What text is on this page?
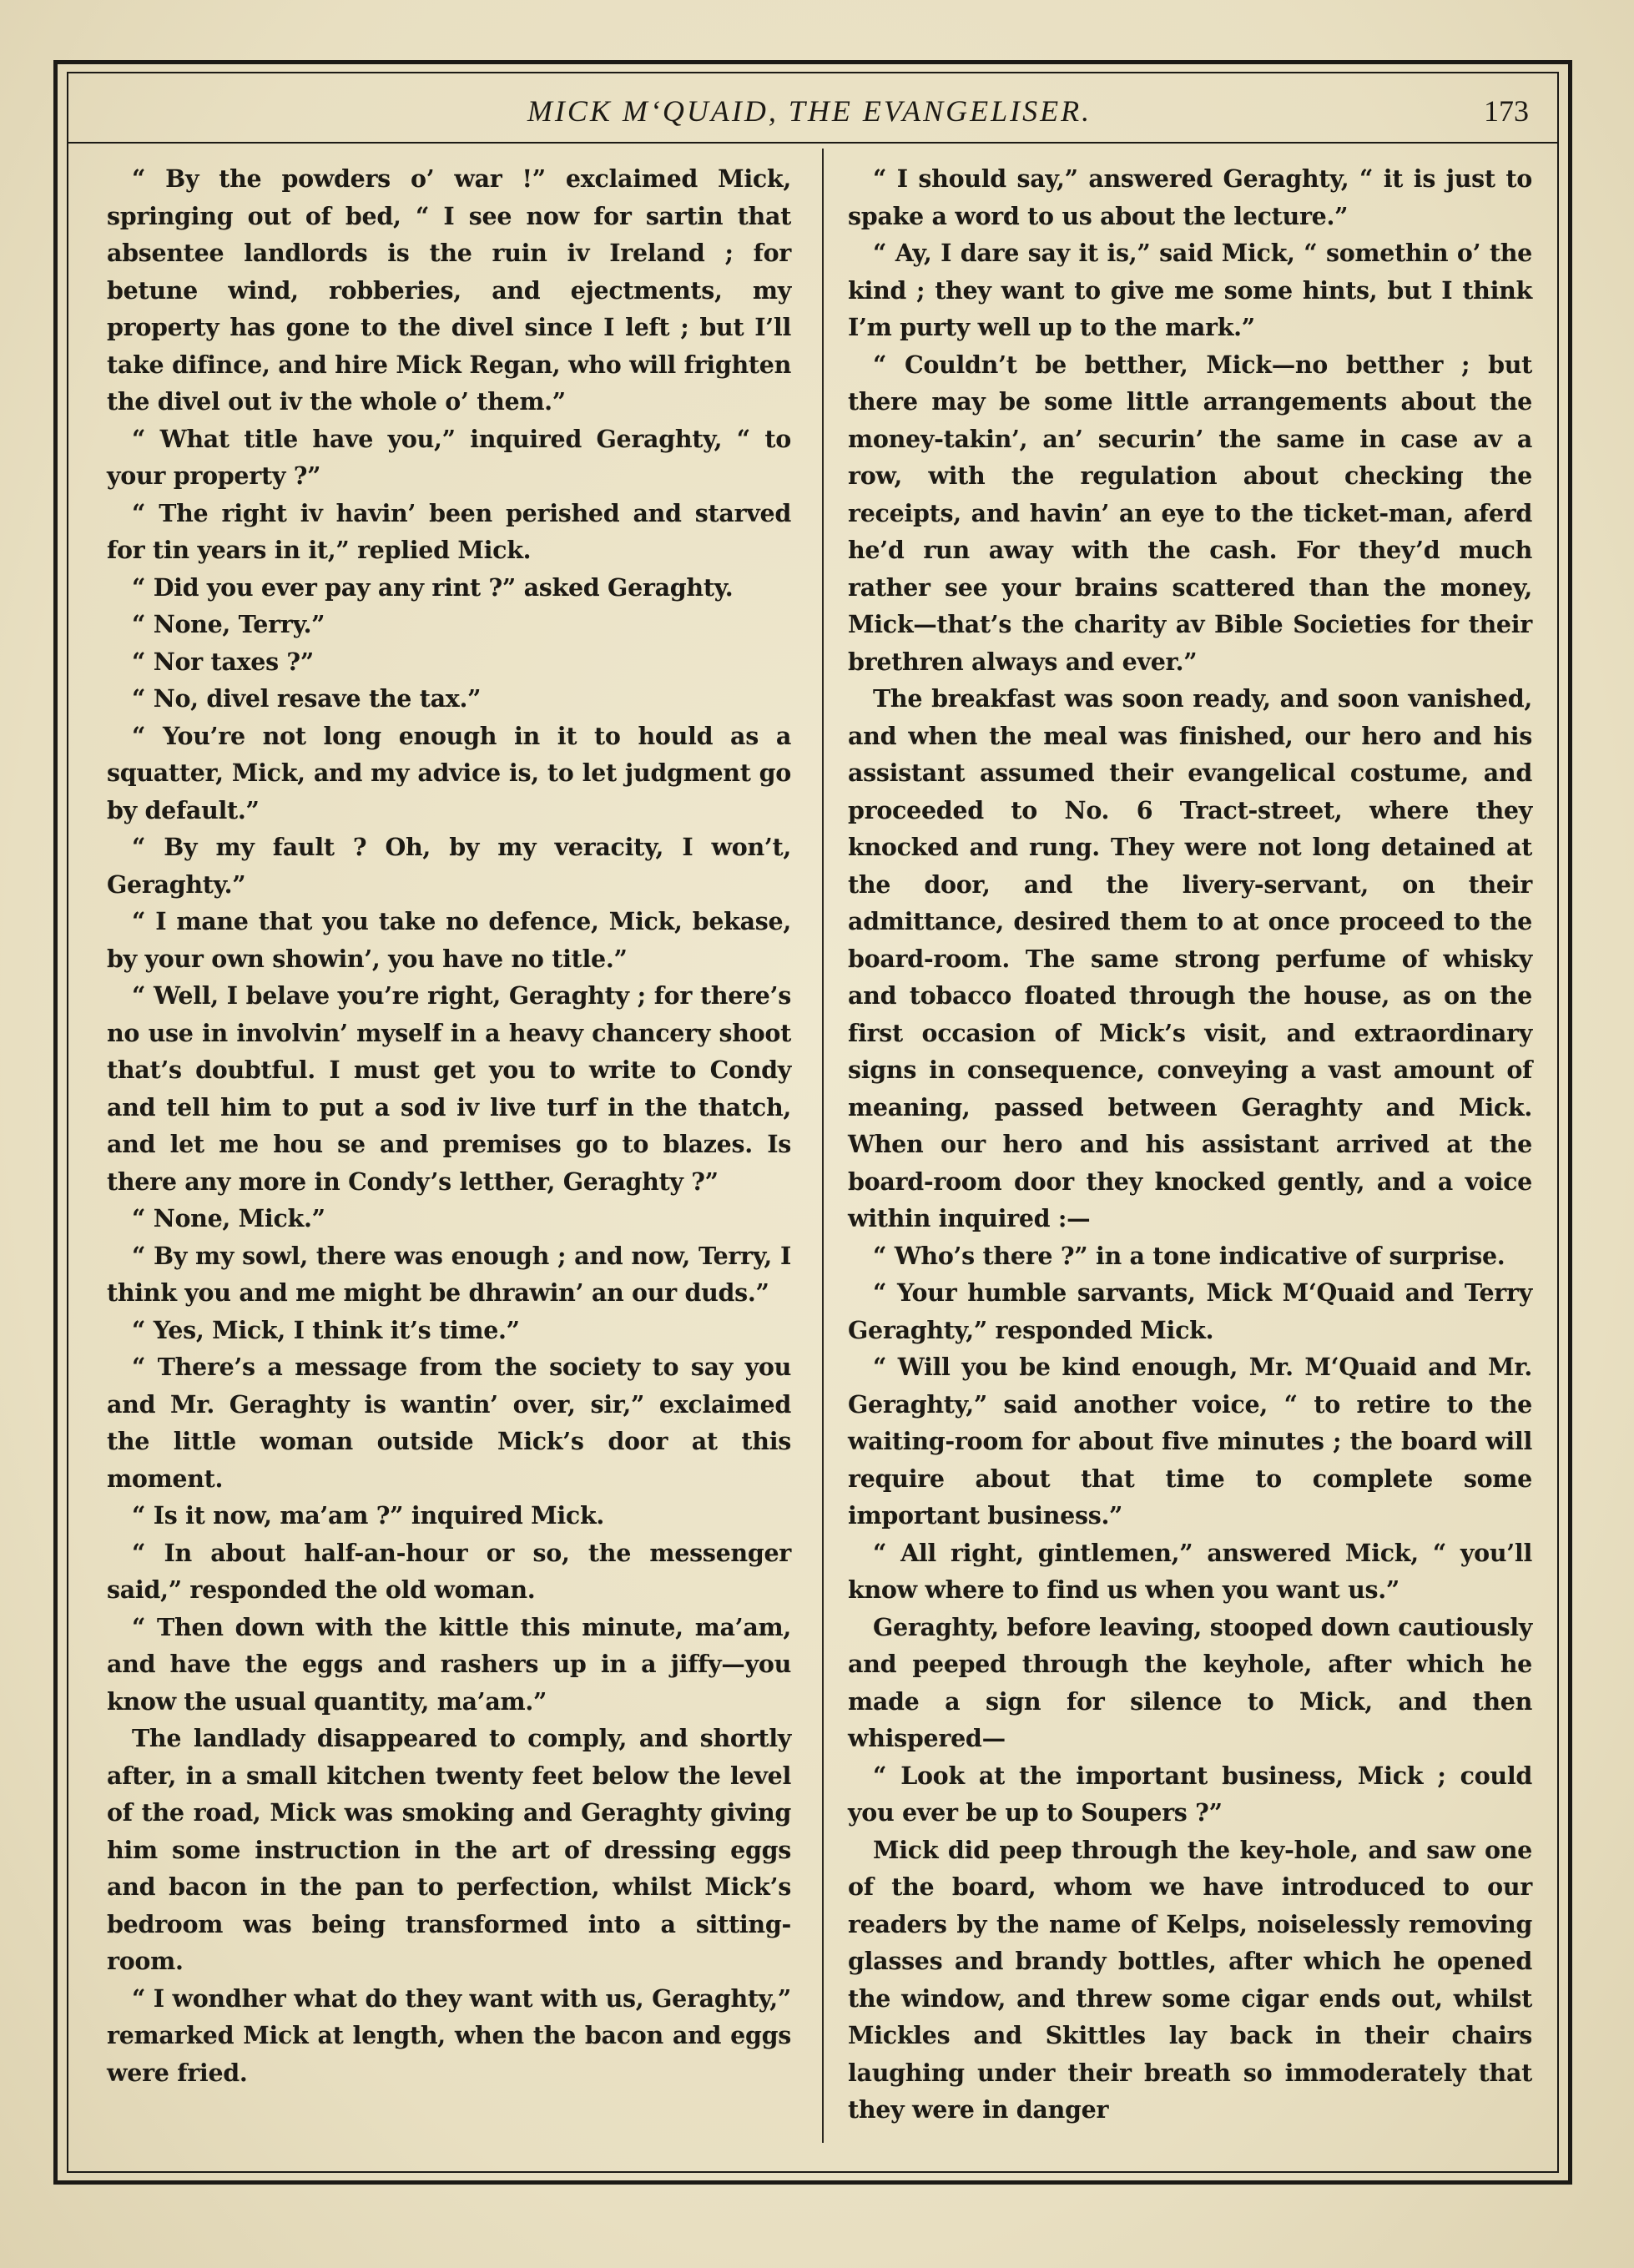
MICK M‘QUAID, THE EVANGELISER.	173

“ By the powders o’ war !” exclaimed Mick, springing out of bed, “ I see now for sartin that absentee landlords is the ruin iv Ireland ; for betune wind, robberies, and ejectments, my property has gone to the divel since I left ; but I’ll take difince, and hire Mick Regan, who will frighten the divel out iv the whole o’ them.”

“ What title have you,” inquired Geraghty, “ to your property ?”

“ The right iv havin’ been perished and starved for tin years in it,” replied Mick.

“ Did you ever pay any rint ?” asked Geraghty.

“ None, Terry.”

“ Nor taxes ?”

“ No, divel resave the tax.”

“ You’re not long enough in it to hould as a squatter, Mick, and my advice is, to let judgment go by default.”

“ By my fault ? Oh, by my veracity, I won’t, Geraghty.”

“ I mane that you take no defence, Mick, bekase, by your own showin’, you have no title.”

“ Well, I belave you’re right, Geraghty ; for there’s no use in involvin’ myself in a heavy chancery shoot that’s doubtful. I must get you to write to Condy and tell him to put a sod iv live turf in the thatch, and let me hou se and premises go to blazes. Is there any more in Condy’s letther, Geraghty ?”

“ None, Mick.”

“ By my sowl, there was enough ; and now, Terry, I think you and me might be dhrawin’ an our duds.”

“ Yes, Mick, I think it’s time.”

“ There’s a message from the society to say you and Mr. Geraghty is wantin’ over, sir,” exclaimed the little woman outside Mick’s door at this moment.

“ Is it now, ma’am ?” inquired Mick.

“ In about half-an-hour or so, the messenger said,” responded the old woman.

“ Then down with the kittle this minute, ma’am, and have the eggs and rashers up in a jiffy—you know the usual quantity, ma’am.”

The landlady disappeared to comply, and shortly after, in a small kitchen twenty feet below the level of the road, Mick was smoking and Geraghty giving him some instruction in the art of dressing eggs and bacon in the pan to perfection, whilst Mick’s bedroom was being transformed into a sitting-room.

“ I wondher what do they want with us, Geraghty,” remarked Mick at length, when the bacon and eggs were fried.

“ I should say,” answered Geraghty, “ it is just to spake a word to us about the lecture.”

“ Ay, I dare say it is,” said Mick, “ somethin o’ the kind ; they want to give me some hints, but I think I’m purty well up to the mark.”

“ Couldn’t be betther, Mick—no betther ; but there may be some little arrangements about the money-takin’, an’ securin’ the same in case av a row, with the regulation about checking the receipts, and havin’ an eye to the ticket-man, aferd he’d run away with the cash. For they’d much rather see your brains scattered than the money, Mick—that’s the charity av Bible Societies for their brethren always and ever.”

The breakfast was soon ready, and soon vanished, and when the meal was finished, our hero and his assistant assumed their evangelical costume, and proceeded to No. 6 Tract-street, where they knocked and rung. They were not long detained at the door, and the livery-servant, on their admittance, desired them to at once proceed to the board-room. The same strong perfume of whisky and tobacco floated through the house, as on the first occasion of Mick’s visit, and extraordinary signs in consequence, conveying a vast amount of meaning, passed between Geraghty and Mick. When our hero and his assistant arrived at the board-room door they knocked gently, and a voice within inquired :—

“ Who’s there ?” in a tone indicative of surprise.

“ Your humble sarvants, Mick M‘Quaid and Terry Geraghty,” responded Mick.

“ Will you be kind enough, Mr. M‘Quaid and Mr. Geraghty,” said another voice, “ to retire to the waiting-room for about five minutes ; the board will require about that time to complete some important business.”

“ All right, gintlemen,” answered Mick, “ you’ll know where to find us when you want us.”

Geraghty, before leaving, stooped down cautiously and peeped through the keyhole, after which he made a sign for silence to Mick, and then whispered—

“ Look at the important business, Mick ; could you ever be up to Soupers ?”

Mick did peep through the key-hole, and saw one of the board, whom we have introduced to our readers by the name of Kelps, noiselessly removing glasses and brandy bottles, after which he opened the window, and threw some cigar ends out, whilst Mickles and Skittles lay back in their chairs laughing under their breath so immoderately that they were in danger
